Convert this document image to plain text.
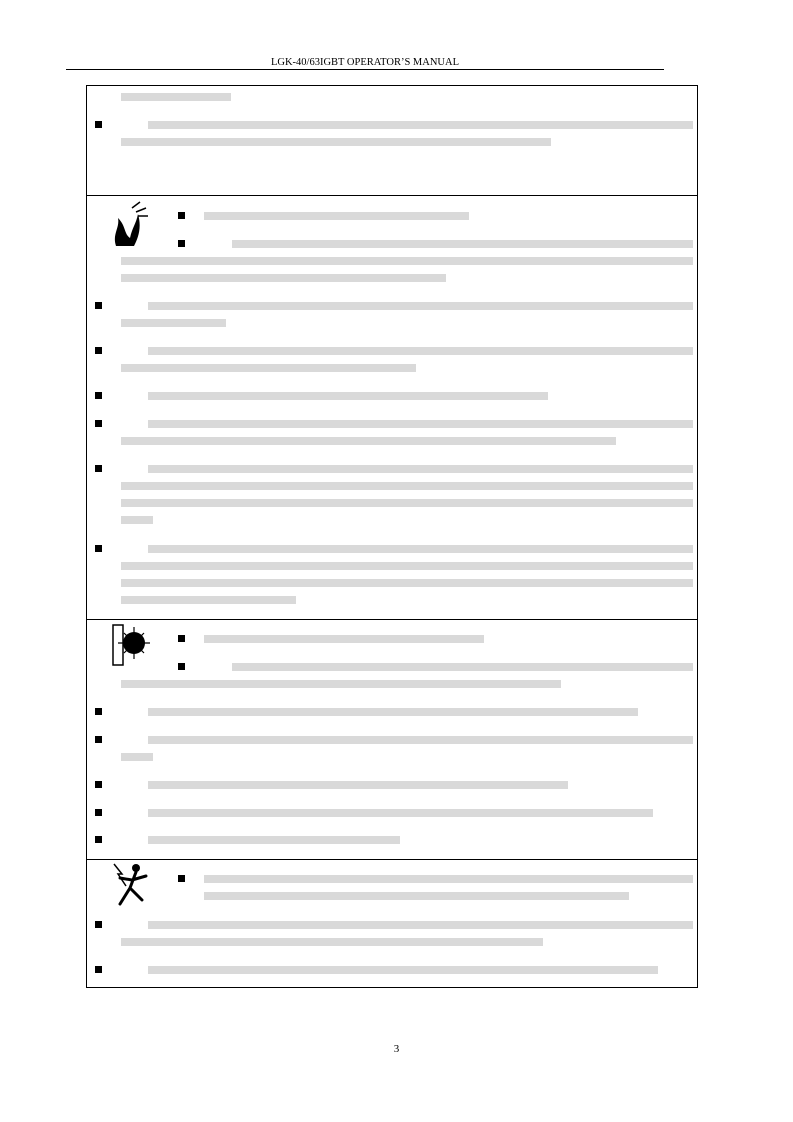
LGK-40/63IGBT OPERATOR’S MANUAL
3
